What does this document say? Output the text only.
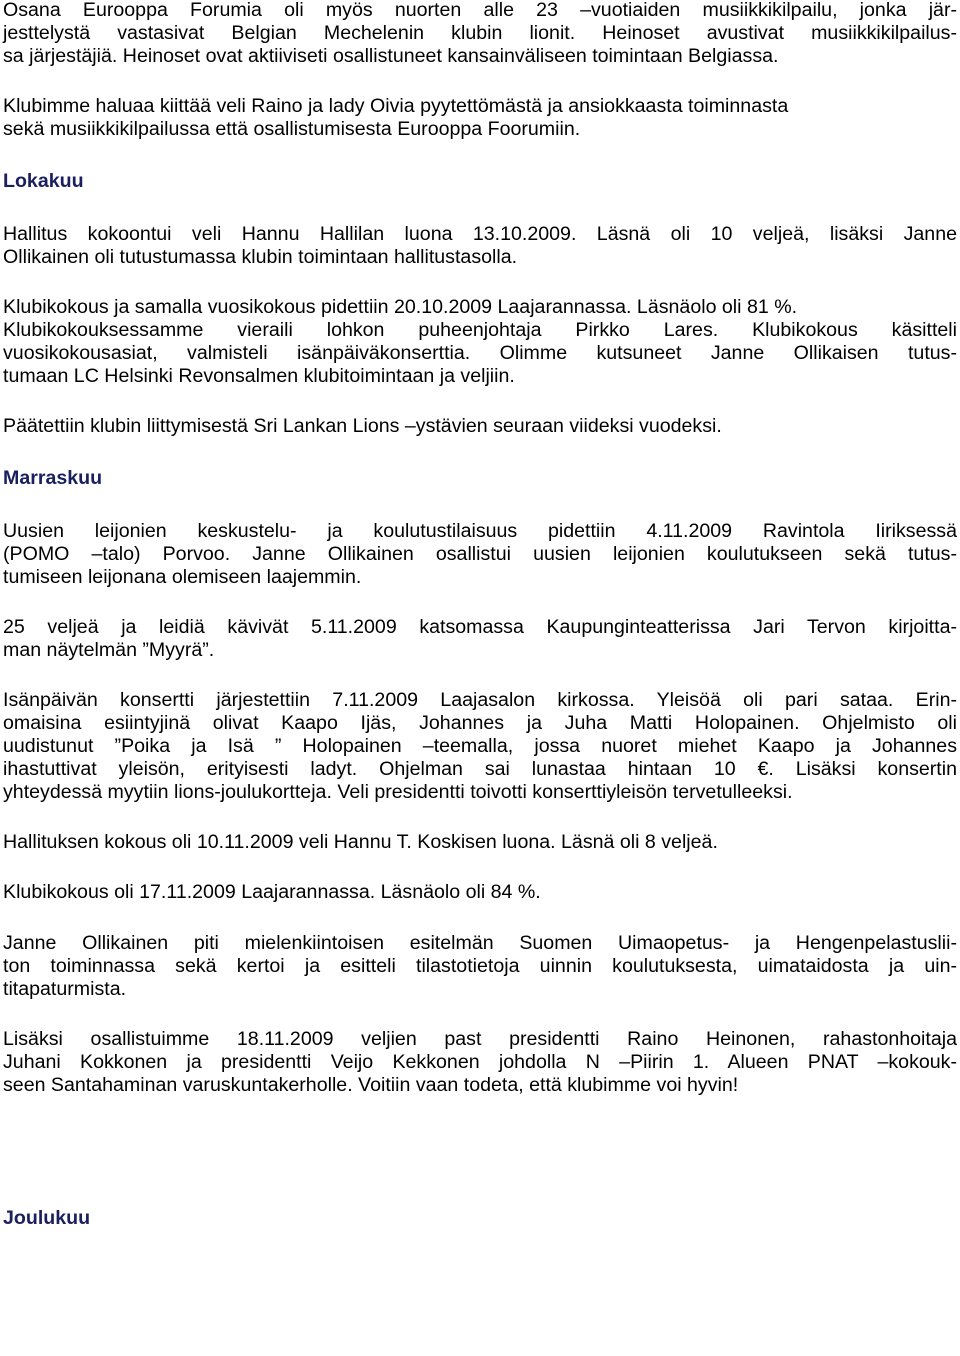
Osana Eurooppa Forumia oli myös nuorten alle 23 –vuotiaiden musiikkikilpailu, jonka jär-
jesttelystä vastasivat Belgian Mechelenin klubin lionit. Heinoset avustivat musiikkikilpailus-
sa järjestäjiä. Heinoset ovat aktiiviseti osallistuneet kansainväliseen toimintaan Belgiassa.
Klubimme haluaa kiittää veli Raino ja lady Oivia pyytettömästä ja ansiokkaasta toiminnasta
sekä musiikkikilpailussa että osallistumisesta Eurooppa Foorumiin.
Lokakuu
Hallitus kokoontui veli Hannu Hallilan luona 13.10.2009. Läsnä oli 10 veljeä, lisäksi Janne
Ollikainen oli tutustumassa klubin toimintaan hallitustasolla.
Klubikokous ja samalla vuosikokous pidettiin 20.10.2009 Laajarannassa. Läsnäolo oli 81 %.
Klubikokouksessamme vieraili lohkon puheenjohtaja Pirkko Lares. Klubikokous käsitteli
vuosikokousasiat, valmisteli isänpäiväkonserttia. Olimme kutsuneet Janne Ollikaisen tutus-
tumaan LC Helsinki Revonsalmen klubitoimintaan ja veljiin.
Päätettiin klubin liittymisestä Sri Lankan Lions –ystävien seuraan viideksi vuodeksi.
Marraskuu
Uusien leijonien keskustelu- ja koulutustilaisuus pidettiin 4.11.2009 Ravintola Iiriksessä
(POMO –talo) Porvoo. Janne Ollikainen osallistui uusien leijonien koulutukseen sekä tutus-
tumiseen leijonana olemiseen laajemmin.
25 veljeä ja leidiä kävivät 5.11.2009 katsomassa Kaupunginteatterissa Jari Tervon kirjoitta-
man näytelmän ”Myyrä”.
Isänpäivän konsertti järjestettiin 7.11.2009 Laajasalon kirkossa. Yleisöä oli pari sataa. Erin-
omaisina esiintyjinä olivat Kaapo Ijäs, Johannes ja Juha Matti Holopainen. Ohjelmisto oli
uudistunut ”Poika ja Isä ” Holopainen –teemalla, jossa nuoret miehet Kaapo ja Johannes
ihastuttivat yleisön, erityisesti ladyt. Ohjelman sai lunastaa hintaan 10 €. Lisäksi konsertin
yhteydessä myytiin lions-joulukortteja. Veli presidentti toivotti konserttiyleisön tervetulleeksi.
Hallituksen kokous oli 10.11.2009 veli Hannu T. Koskisen luona. Läsnä oli 8 veljeä.
Klubikokous oli 17.11.2009 Laajarannassa. Läsnäolo oli 84 %.
Janne Ollikainen piti mielenkiintoisen esitelmän Suomen Uimaopetus- ja Hengenpelastuslii-
ton toiminnassa sekä kertoi ja esitteli tilastotietoja uinnin koulutuksesta, uimataidosta ja uin-
titapaturmista.
Lisäksi osallistuimme 18.11.2009 veljien past presidentti Raino Heinonen, rahastonhoitaja
Juhani Kokkonen ja presidentti Veijo Kekkonen johdolla N –Piirin 1. Alueen PNAT –kokouk-
seen Santahaminan varuskuntakerholle. Voitiin vaan todeta, että klubimme voi hyvin!
Joulukuu
